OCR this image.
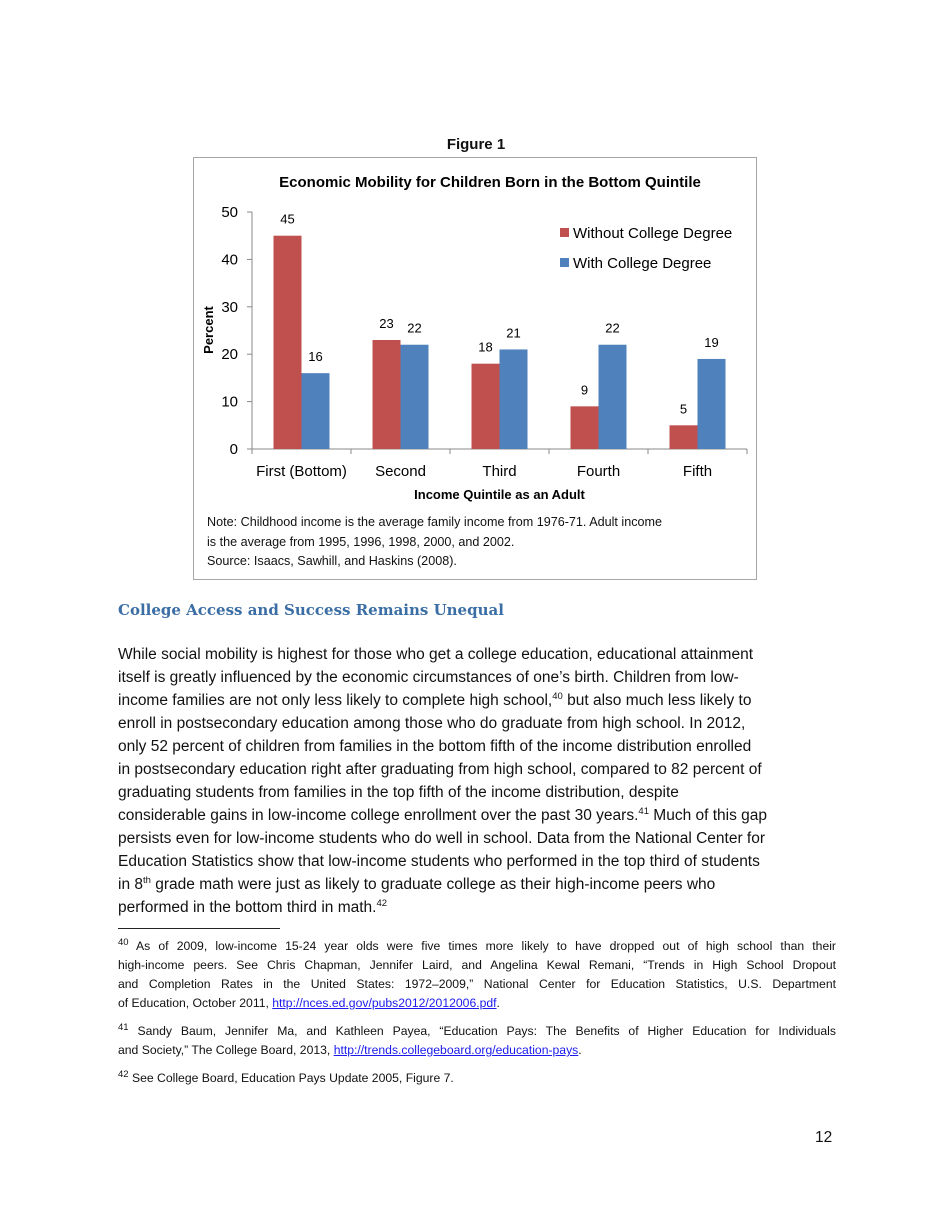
Figure 1
Economic Mobility for Children Born in the Bottom Quintile
0
10
20
30
40
50
First (Bottom)
45
16
Second
23 22
Third
18
21
Fourth
9
22
Fifth
5
19
Income Quintile as an Adult
Percent
Without College Degree
With College Degree
Note: Childhood income is the average family income from 1976-71. Adult income
is the average from 1995, 1996, 1998, 2000, and 2002.
Source: Isaacs, Sawhill, and Haskins (2008).
College Access and Success Remains Unequal
While social mobility is highest for those who get a college education, educational attainment
itself is greatly influenced by the economic circumstances of one’s birth. Children from low-
income families are not only less likely to complete high school,$^{40}$ but also much less likely to
enroll in postsecondary education among those who do graduate from high school. In 2012,
only 52 percent of children from families in the bottom fifth of the income distribution enrolled
in postsecondary education right after graduating from high school, compared to 82 percent of
graduating students from families in the top fifth of the income distribution, despite
considerable gains in low-income college enrollment over the past 30 years.$^{41}$ Much of this gap
persists even for low-income students who do well in school. Data from the National Center for
Education Statistics show that low-income students who performed in the top third of students
in 8th grade math were just as likely to graduate college as their high-income peers who
performed in the bottom third in math.$^{42}$
$^{40}$ As of 2009, low-income 15-24 year olds were five times more likely to have dropped out of high school than their
high-income peers. See Chris Chapman, Jennifer Laird, and Angelina Kewal Remani, “Trends in High School Dropout
and Completion Rates in the United States: 1972–2009,” National Center for Education Statistics, U.S. Department
of Education, October 2011, http://nces.ed.gov/pubs2012/2012006.pdf.
$^{41}$ Sandy Baum, Jennifer Ma, and Kathleen Payea, “Education Pays: The Benefits of Higher Education for Individuals
and Society,” The College Board, 2013, http://trends.collegeboard.org/education-pays.
$^{42}$ See College Board, Education Pays Update 2005, Figure 7.
12
